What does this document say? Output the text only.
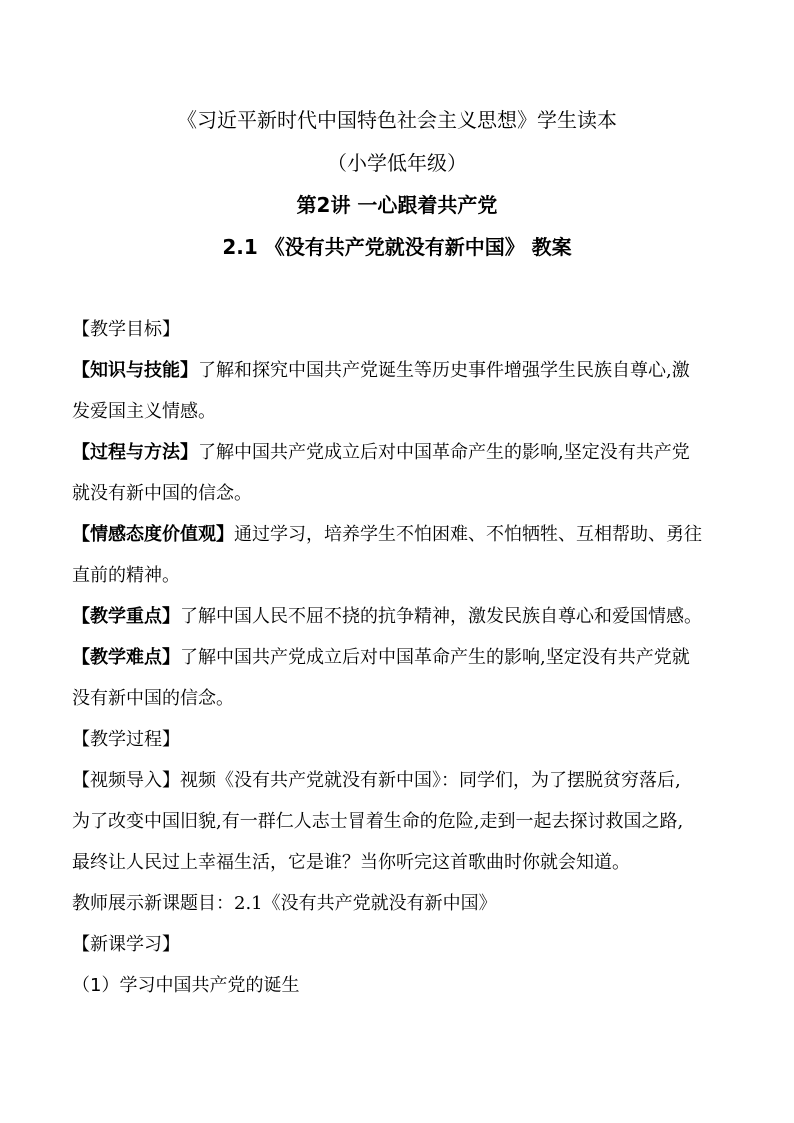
《习近平新时代中国特色社会主义思想》学生读本
（小学低年级）
第2讲 一心跟着共产党
2.1 《没有共产党就没有新中国》 教案
【教学目标】
【知识与技能】了解和探究中国共产党诞生等历史事件增强学生民族自尊心,激
发爱国主义情感。
【过程与方法】了解中国共产党成立后对中国革命产生的影响,坚定没有共产党
就没有新中国的信念。
【情感态度价值观】通过学习，培养学生不怕困难、不怕牺牲、互相帮助、勇往
直前的精神。
【教学重点】了解中国人民不屈不挠的抗争精神，激发民族自尊心和爱国情感。
【教学难点】了解中国共产党成立后对中国革命产生的影响,坚定没有共产党就
没有新中国的信念。
【教学过程】
【视频导入】视频《没有共产党就没有新中国》：同学们，为了摆脱贫穷落后,
为了改变中国旧貌,有一群仁人志士冒着生命的危险,走到一起去探讨救国之路,
最终让人民过上幸福生活，它是谁？当你听完这首歌曲时你就会知道。
教师展示新课题目：2.1《没有共产党就没有新中国》
【新课学习】
（1）学习中国共产党的诞生
